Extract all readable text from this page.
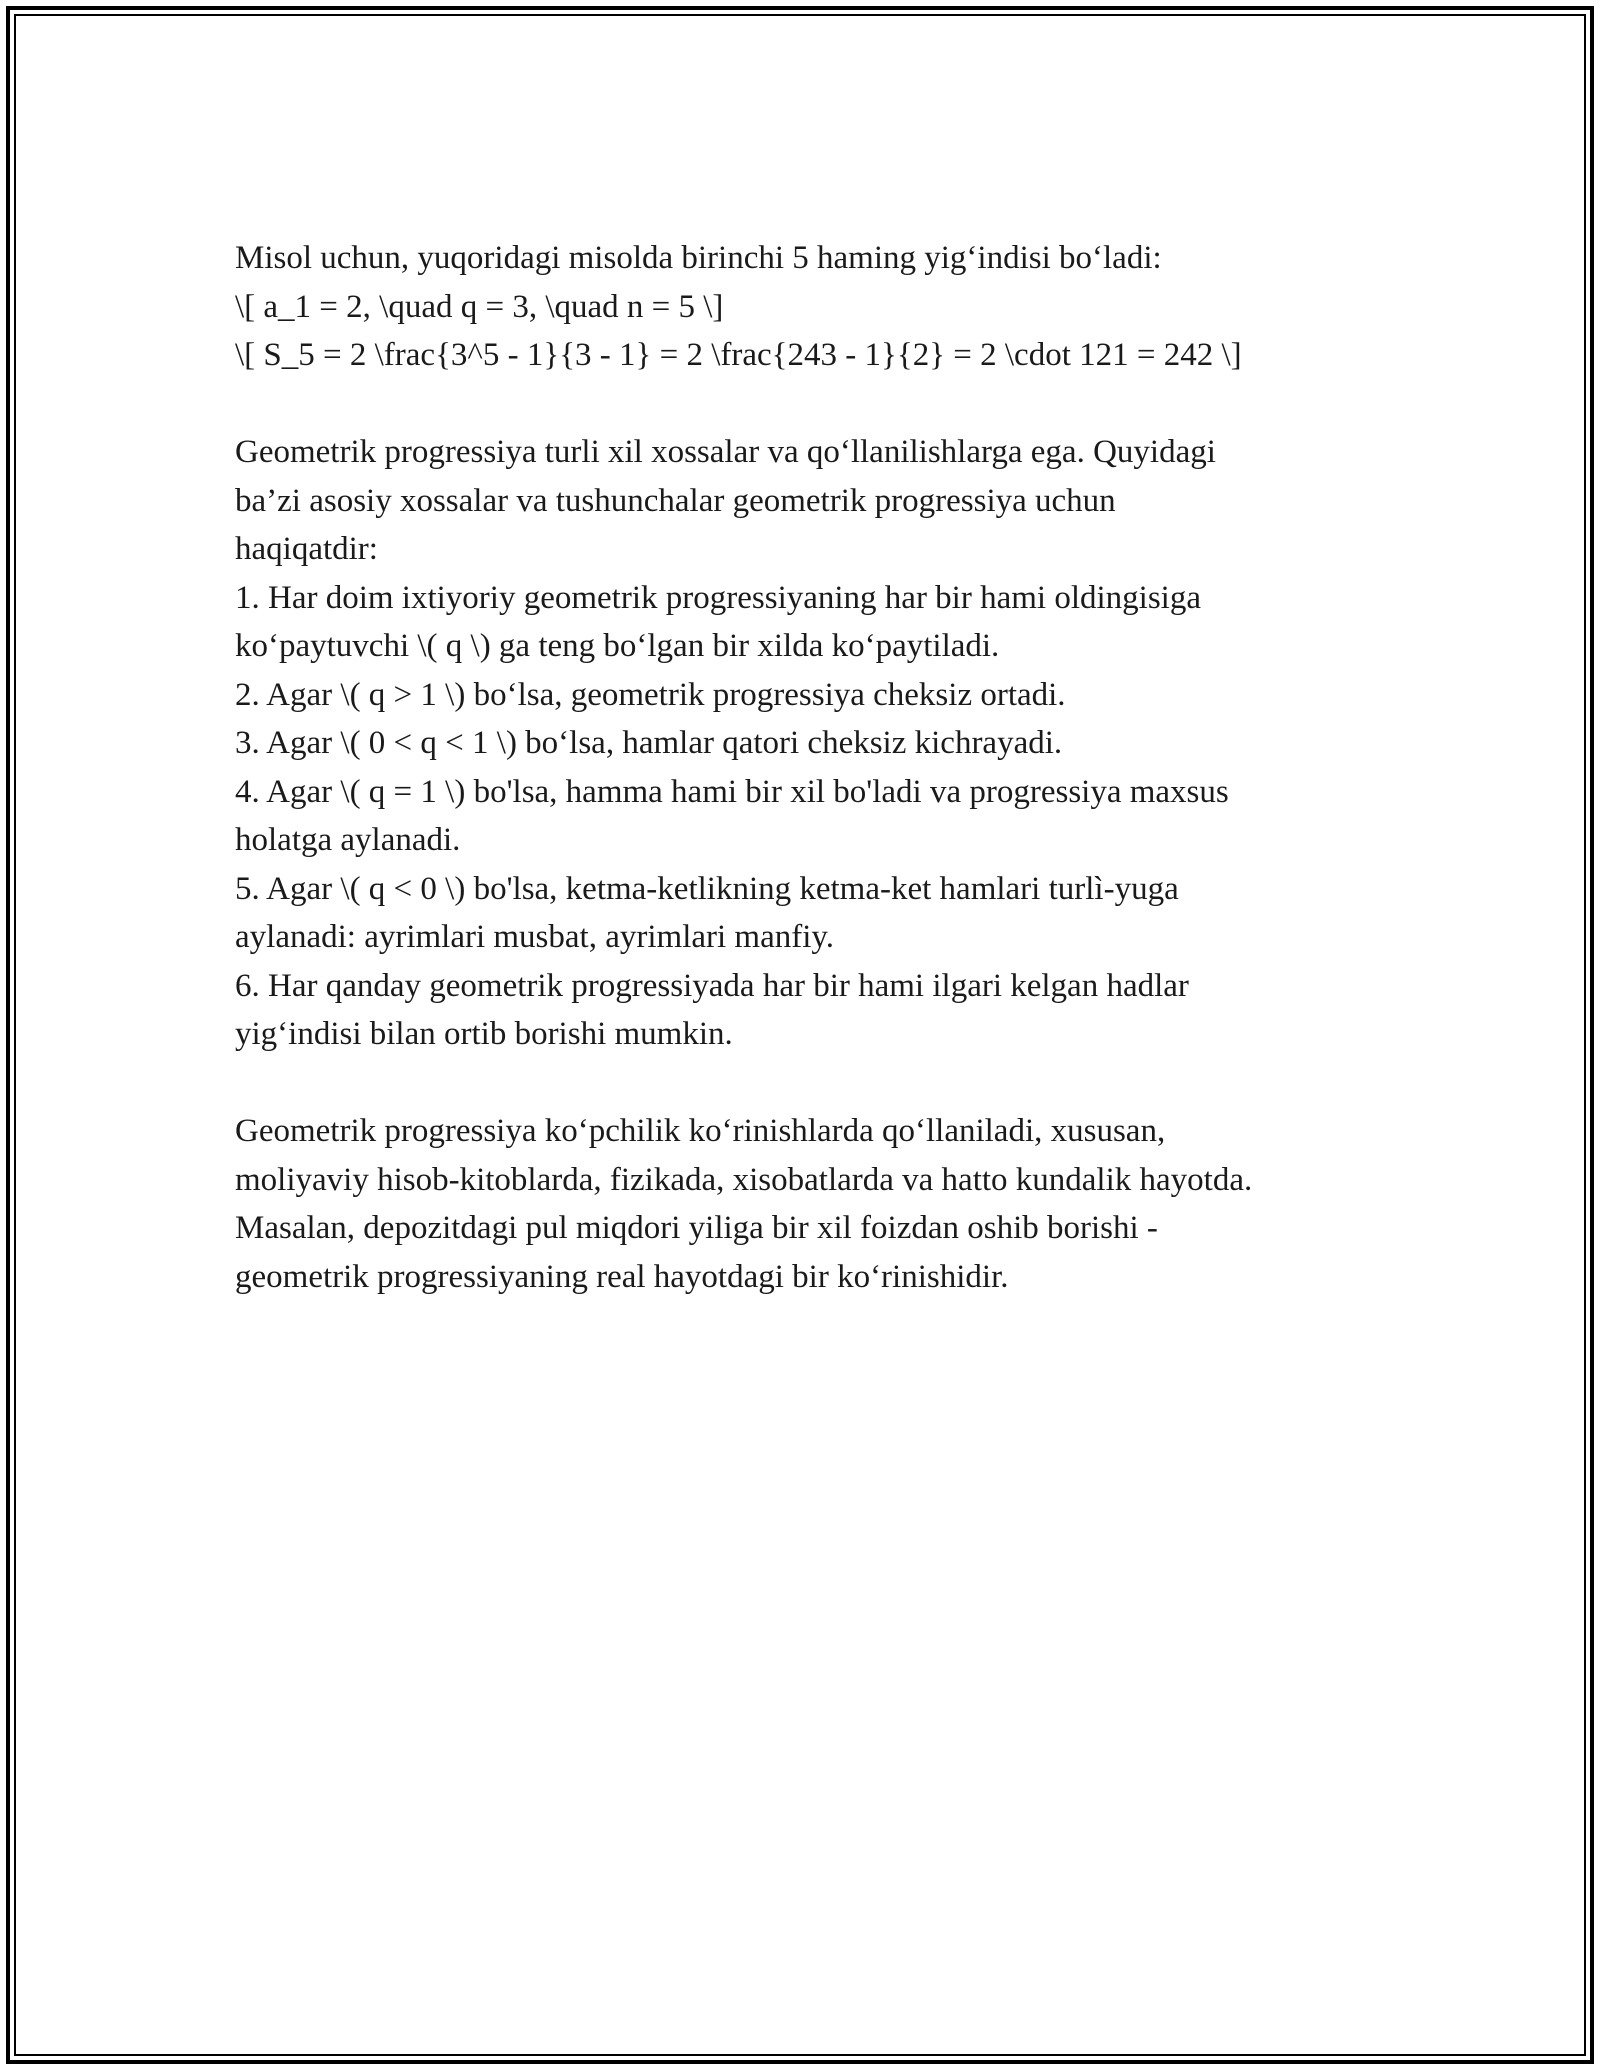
Misol uchun, yuqoridagi misolda birinchi 5 haming yig‘indisi bo‘ladi:
\[ a_1 = 2, \quad q = 3, \quad n = 5 \]
\[ S_5 = 2 \frac{3^5 - 1}{3 - 1} = 2 \frac{243 - 1}{2} = 2 \cdot 121 = 242 \]

Geometrik progressiya turli xil xossalar va qo‘llanilishlarga ega. Quyidagi
ba’zi asosiy xossalar va tushunchalar geometrik progressiya uchun
haqiqatdir:
1. Har doim ixtiyoriy geometrik progressiyaning har bir hami oldingisiga
ko‘paytuvchi \( q \) ga teng bo‘lgan bir xilda ko‘paytiladi.
2. Agar \( q > 1 \) bo‘lsa, geometrik progressiya cheksiz ortadi.
3. Agar \( 0 < q < 1 \) bo‘lsa, hamlar qatori cheksiz kichrayadi.
4. Agar \( q = 1 \) bo'lsa, hamma hami bir xil bo'ladi va progressiya maxsus
holatga aylanadi.
5. Agar \( q < 0 \) bo'lsa, ketma-ketlikning ketma-ket hamlari turlì-yuga
aylanadi: ayrimlari musbat, ayrimlari manfiy.
6. Har qanday geometrik progressiyada har bir hami ilgari kelgan hadlar
yig‘indisi bilan ortib borishi mumkin.

Geometrik progressiya ko‘pchilik ko‘rinishlarda qo‘llaniladi, xususan,
moliyaviy hisob-kitoblarda, fizikada, xisobatlarda va hatto kundalik hayotda.
Masalan, depozitdagi pul miqdori yiliga bir xil foizdan oshib borishi -
geometrik progressiyaning real hayotdagi bir ko‘rinishidir.
